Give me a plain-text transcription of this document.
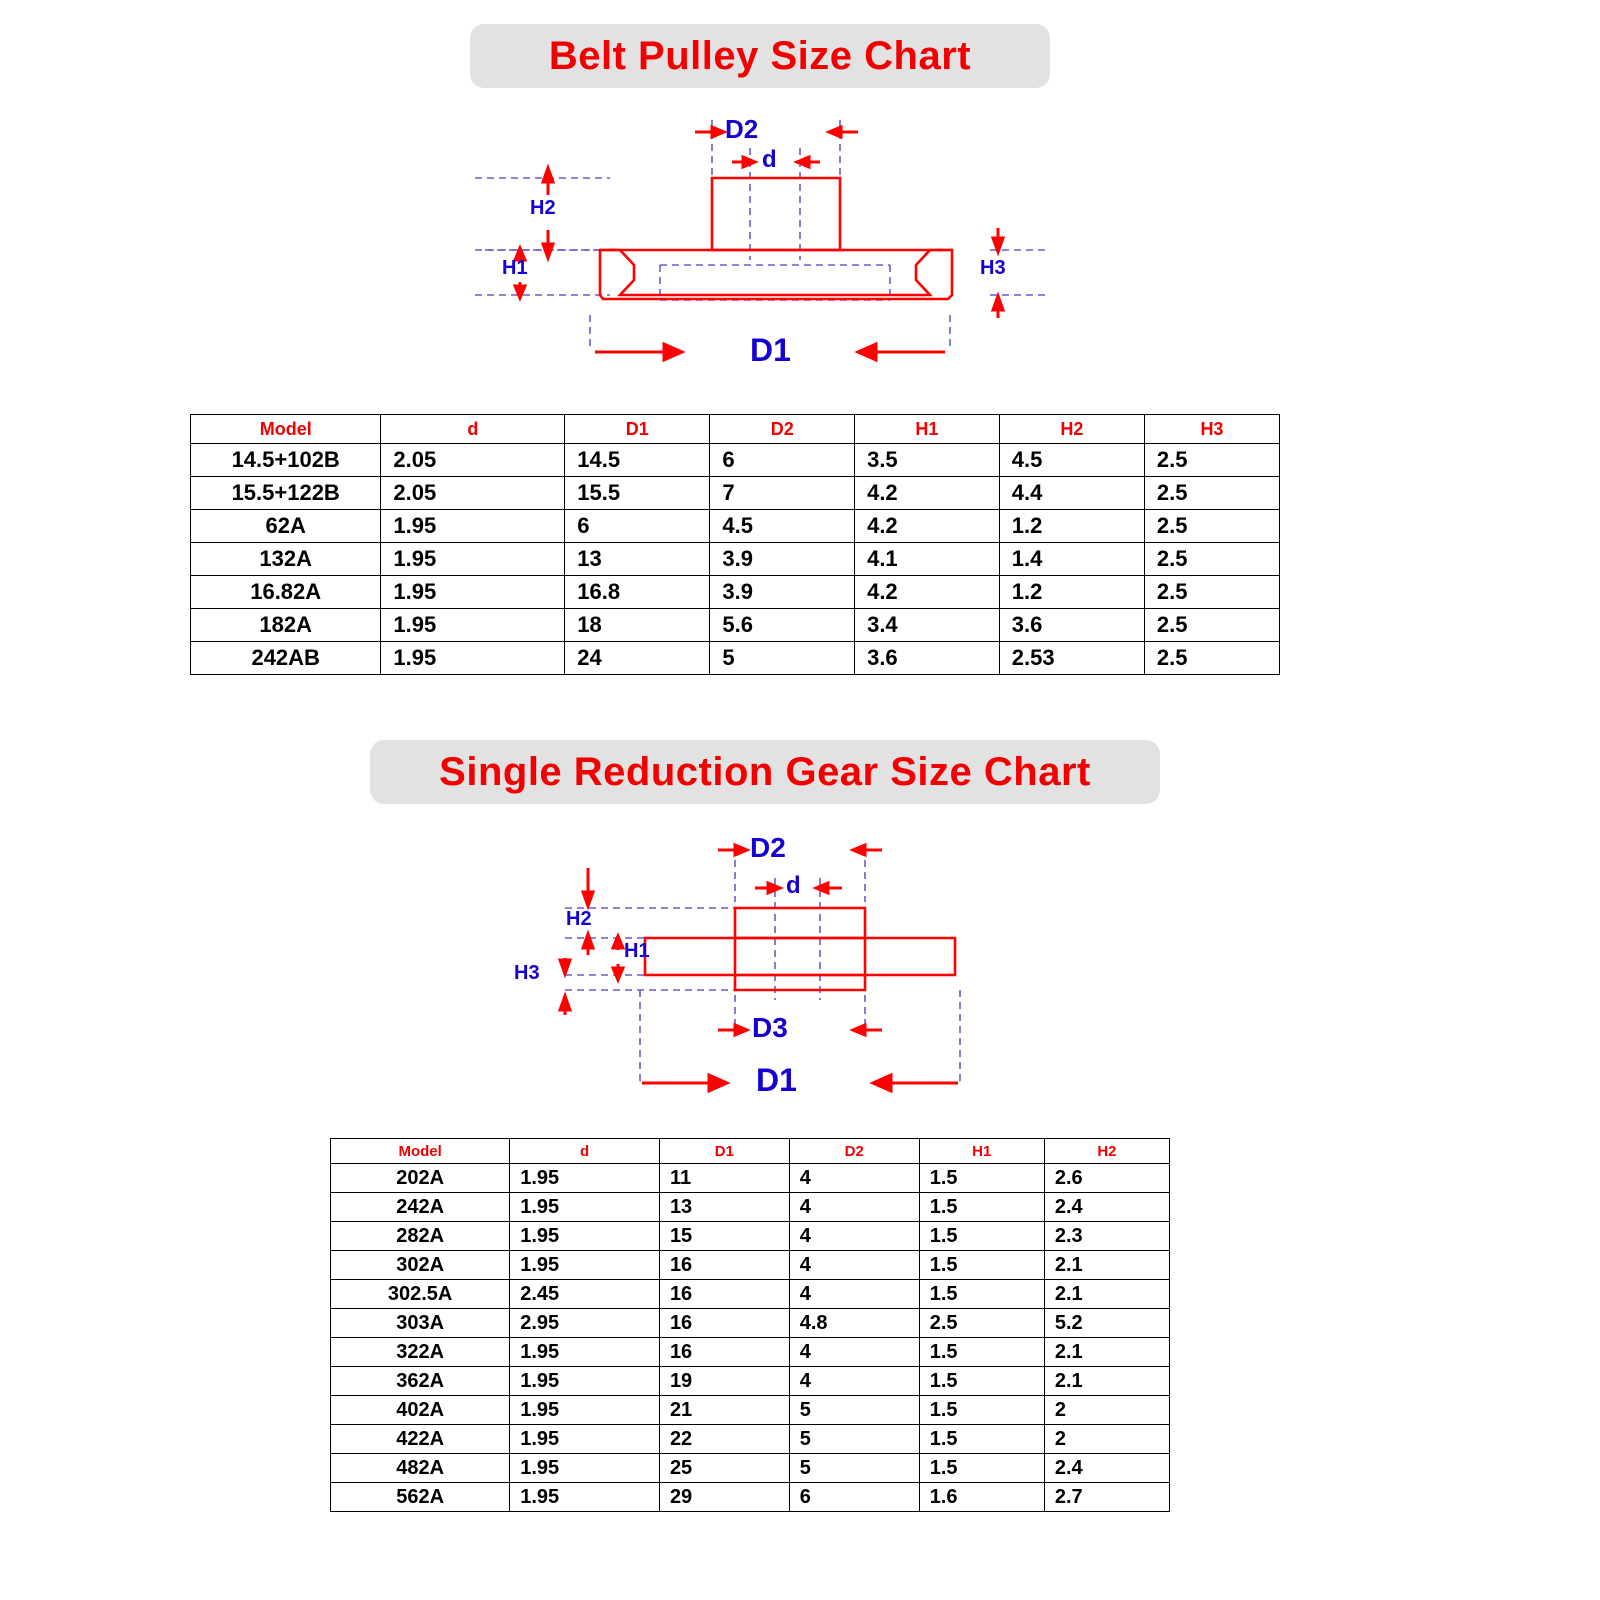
Belt Pulley Size Chart
D2
d
H2
H1	H3
D1
Model	d	D1	D2	H1	H2	H3
14.5+102B	2.05	14.5	6	3.5	4.5	2.5
15.5+122B	2.05	15.5	7	4.2	4.4	2.5
62A	1.95	6	4.5	4.2	1.2	2.5
132A	1.95	13	3.9	4.1	1.4	2.5
16.82A	1.95	16.8	3.9	4.2	1.2	2.5
182A	1.95	18	5.6	3.4	3.6	2.5
242AB	1.95	24	5	3.6	2.53	2.5
Single Reduction Gear Size Chart
D2
d
H2
H1
H3
D3
D1
Model	d	D1	D2	H1	H2
202A	1.95	11	4	1.5	2.6
242A	1.95	13	4	1.5	2.4
282A	1.95	15	4	1.5	2.3
302A	1.95	16	4	1.5	2.1
302.5A	2.45	16	4	1.5	2.1
303A	2.95	16	4.8	2.5	5.2
322A	1.95	16	4	1.5	2.1
362A	1.95	19	4	1.5	2.1
402A	1.95	21	5	1.5	2
422A	1.95	22	5	1.5	2
482A	1.95	25	5	1.5	2.4
562A	1.95	29	6	1.6	2.7
